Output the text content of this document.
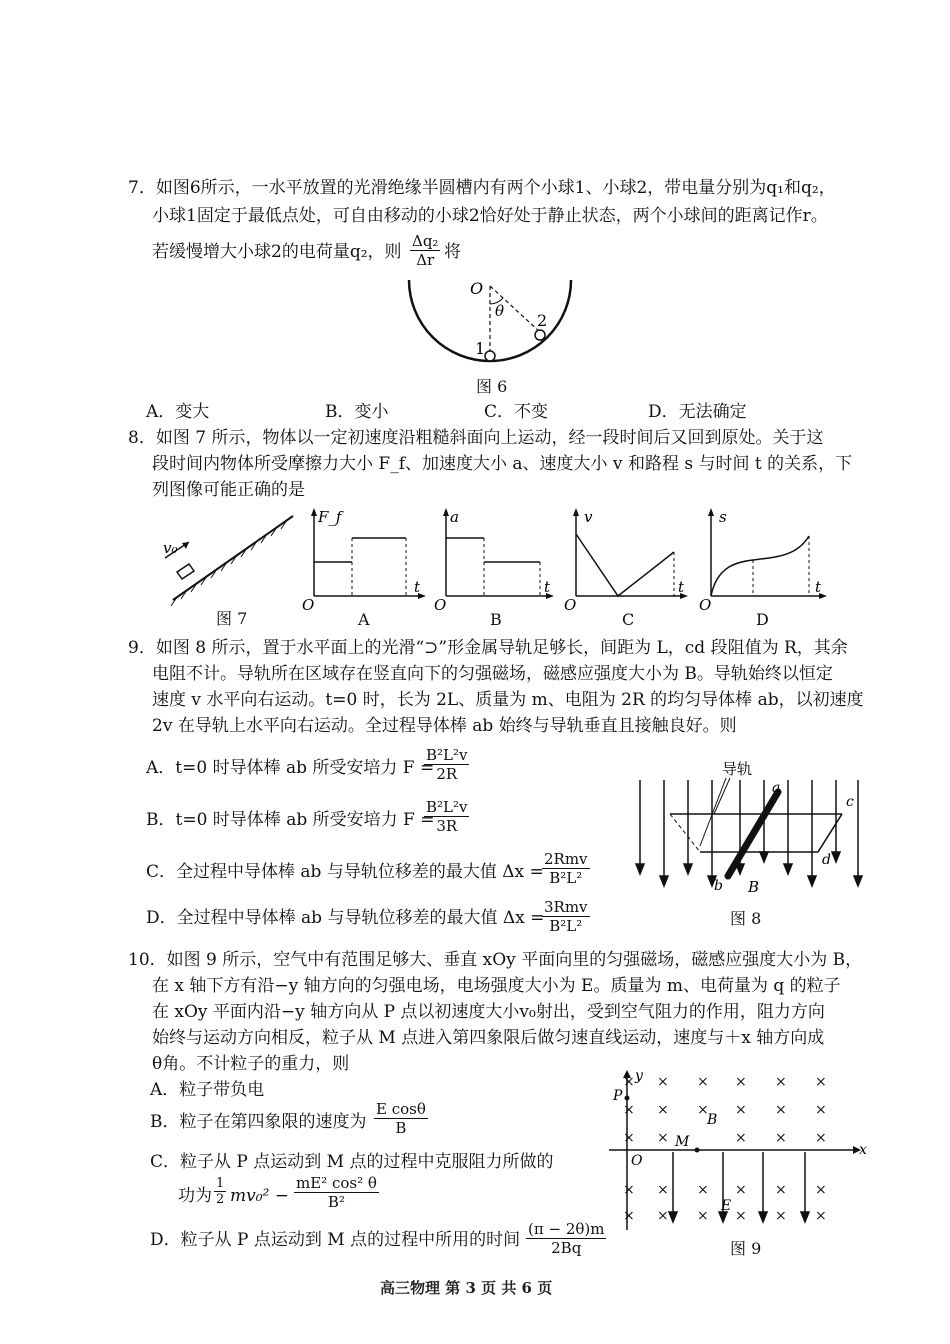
7．如图6所示，一水平放置的光滑绝缘半圆槽内有两个小球1、小球2，带电量分别为q₁和q₂，
小球1固定于最低点处，可自由移动的小球2恰好处于静止状态，两个小球间的距离记作r。
若缓慢增大小球2的电荷量q₂，则 $\frac{\text{Δq₂}}{\Delta r}$ 将
O
θ
1
2
图 6
A．变大	B．变小	C．不变	D．无法确定
8．如图 7 所示，物体以一定初速度沿粗糙斜面向上运动，经一段时间后又回到原处。关于这
段时间内物体所受摩擦力大小 F_f、加速度大小 a、速度大小 v 和路程 s 与时间 t 的关系，下
列图像可能正确的是
v₀
图 7
F_f
t
O
A
a
t
O
B
v
t
O
C
s
t
O
D
9．如图 8 所示，置于水平面上的光滑“⊃”形金属导轨足够长，间距为 L，cd 段阻值为 R，其余
电阻不计。导轨所在区域存在竖直向下的匀强磁场，磁感应强度大小为 B。导轨始终以恒定
速度 v 水平向右运动。t=0 时，长为 2L、质量为 m、电阻为 2R 的均匀导体棒 ab，以初速度
2v 在导轨上水平向右运动。全过程导体棒 ab 始终与导轨垂直且接触良好。则
A．t=0 时导体棒 ab 所受安培力 F =
$\frac{\text{B²L²v}}{2R}$
B．t=0 时导体棒 ab 所受安培力 F =
$\frac{\text{B²L²v}}{3R}$
C．全过程中导体棒 ab 与导轨位移差的最大值 Δx =
2Rmv
B²L²
D．全过程中导体棒 ab 与导轨位移差的最大值 Δx =
3Rmv
B²L²
导轨
a
b
c
d
B
图 8
10．如图 9 所示，空气中有范围足够大、垂直 xOy 平面向里的匀强磁场，磁感应强度大小为 B，
在 x 轴下方有沿−y 轴方向的匀强电场，电场强度大小为 E。质量为 m、电荷量为 q 的粒子
在 xOy 平面内沿−y 轴方向从 P 点以初速度大小v₀射出，受到空气阻力的作用，阻力方向
始终与运动方向相反，粒子从 M 点进入第四象限后做匀速直线运动，速度与＋x 轴方向成
θ角。不计粒子的重力，则
A．粒子带负电
B．粒子在第四象限的速度为 $\frac{\text{E cosθ}}{B}$
C．粒子从 P 点运动到 M 点的过程中克服阻力所做的
功为 $\frac{1}{2} mv_0^2 - \frac{\text{mE² cos² θ}}{\text{B²}}$
D．粒子从 P 点运动到 M 点的过程中所用的时间 $\frac{(\pi - 2\theta)m}{2Bq}$
× × × × × ×
× × × × × ×
× ×	× × ×
× × × × × ×
× × × × × ×
y
x
P
O
M
B
E
图 9
高三物理 第 3 页 共 6 页
